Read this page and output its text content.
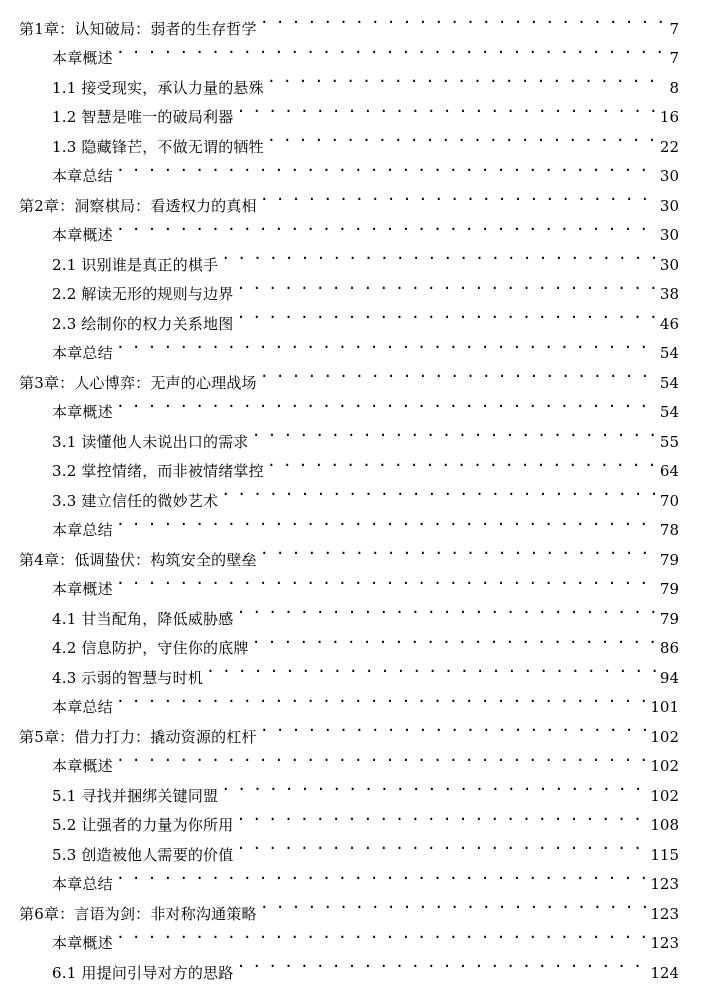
第1章：认知破局：弱者的生存哲学 . . .	7
本章概述 . . .	7
1.1 接受现实，承认力量的悬殊 . . .	8
1.2 智慧是唯一的破局利器 . . .	16
1.3 隐藏锋芒，不做无谓的牺牲 . . .	22
本章总结 . . .	30
第2章：洞察棋局：看透权力的真相 . . .	30
本章概述 . . .	30
2.1 识别谁是真正的棋手 . . .	30
2.2 解读无形的规则与边界 . . .	38
2.3 绘制你的权力关系地图 . . .	46
本章总结 . . .	54
第3章：人心博弈：无声的心理战场 . . .	54
本章概述 . . .	54
3.1 读懂他人未说出口的需求 . . .	55
3.2 掌控情绪，而非被情绪掌控 . . .	64
3.3 建立信任的微妙艺术 . . .	70
本章总结 . . .	78
第4章：低调蛰伏：构筑安全的壁垒 . . .	79
本章概述 . . .	79
4.1 甘当配角，降低威胁感 . . .	79
4.2 信息防护，守住你的底牌 . . .	86
4.3 示弱的智慧与时机 . . .	94
本章总结 . . .	101
第5章：借力打力：撬动资源的杠杆 . . .	102
本章概述 . . .	102
5.1 寻找并捆绑关键同盟 . . .	102
5.2 让强者的力量为你所用 . . .	108
5.3 创造被他人需要的价值 . . .	115
本章总结 . . .	123
第6章：言语为剑：非对称沟通策略 . . .	123
本章概述 . . .	123
6.1 用提问引导对方的思路 . . .	124
